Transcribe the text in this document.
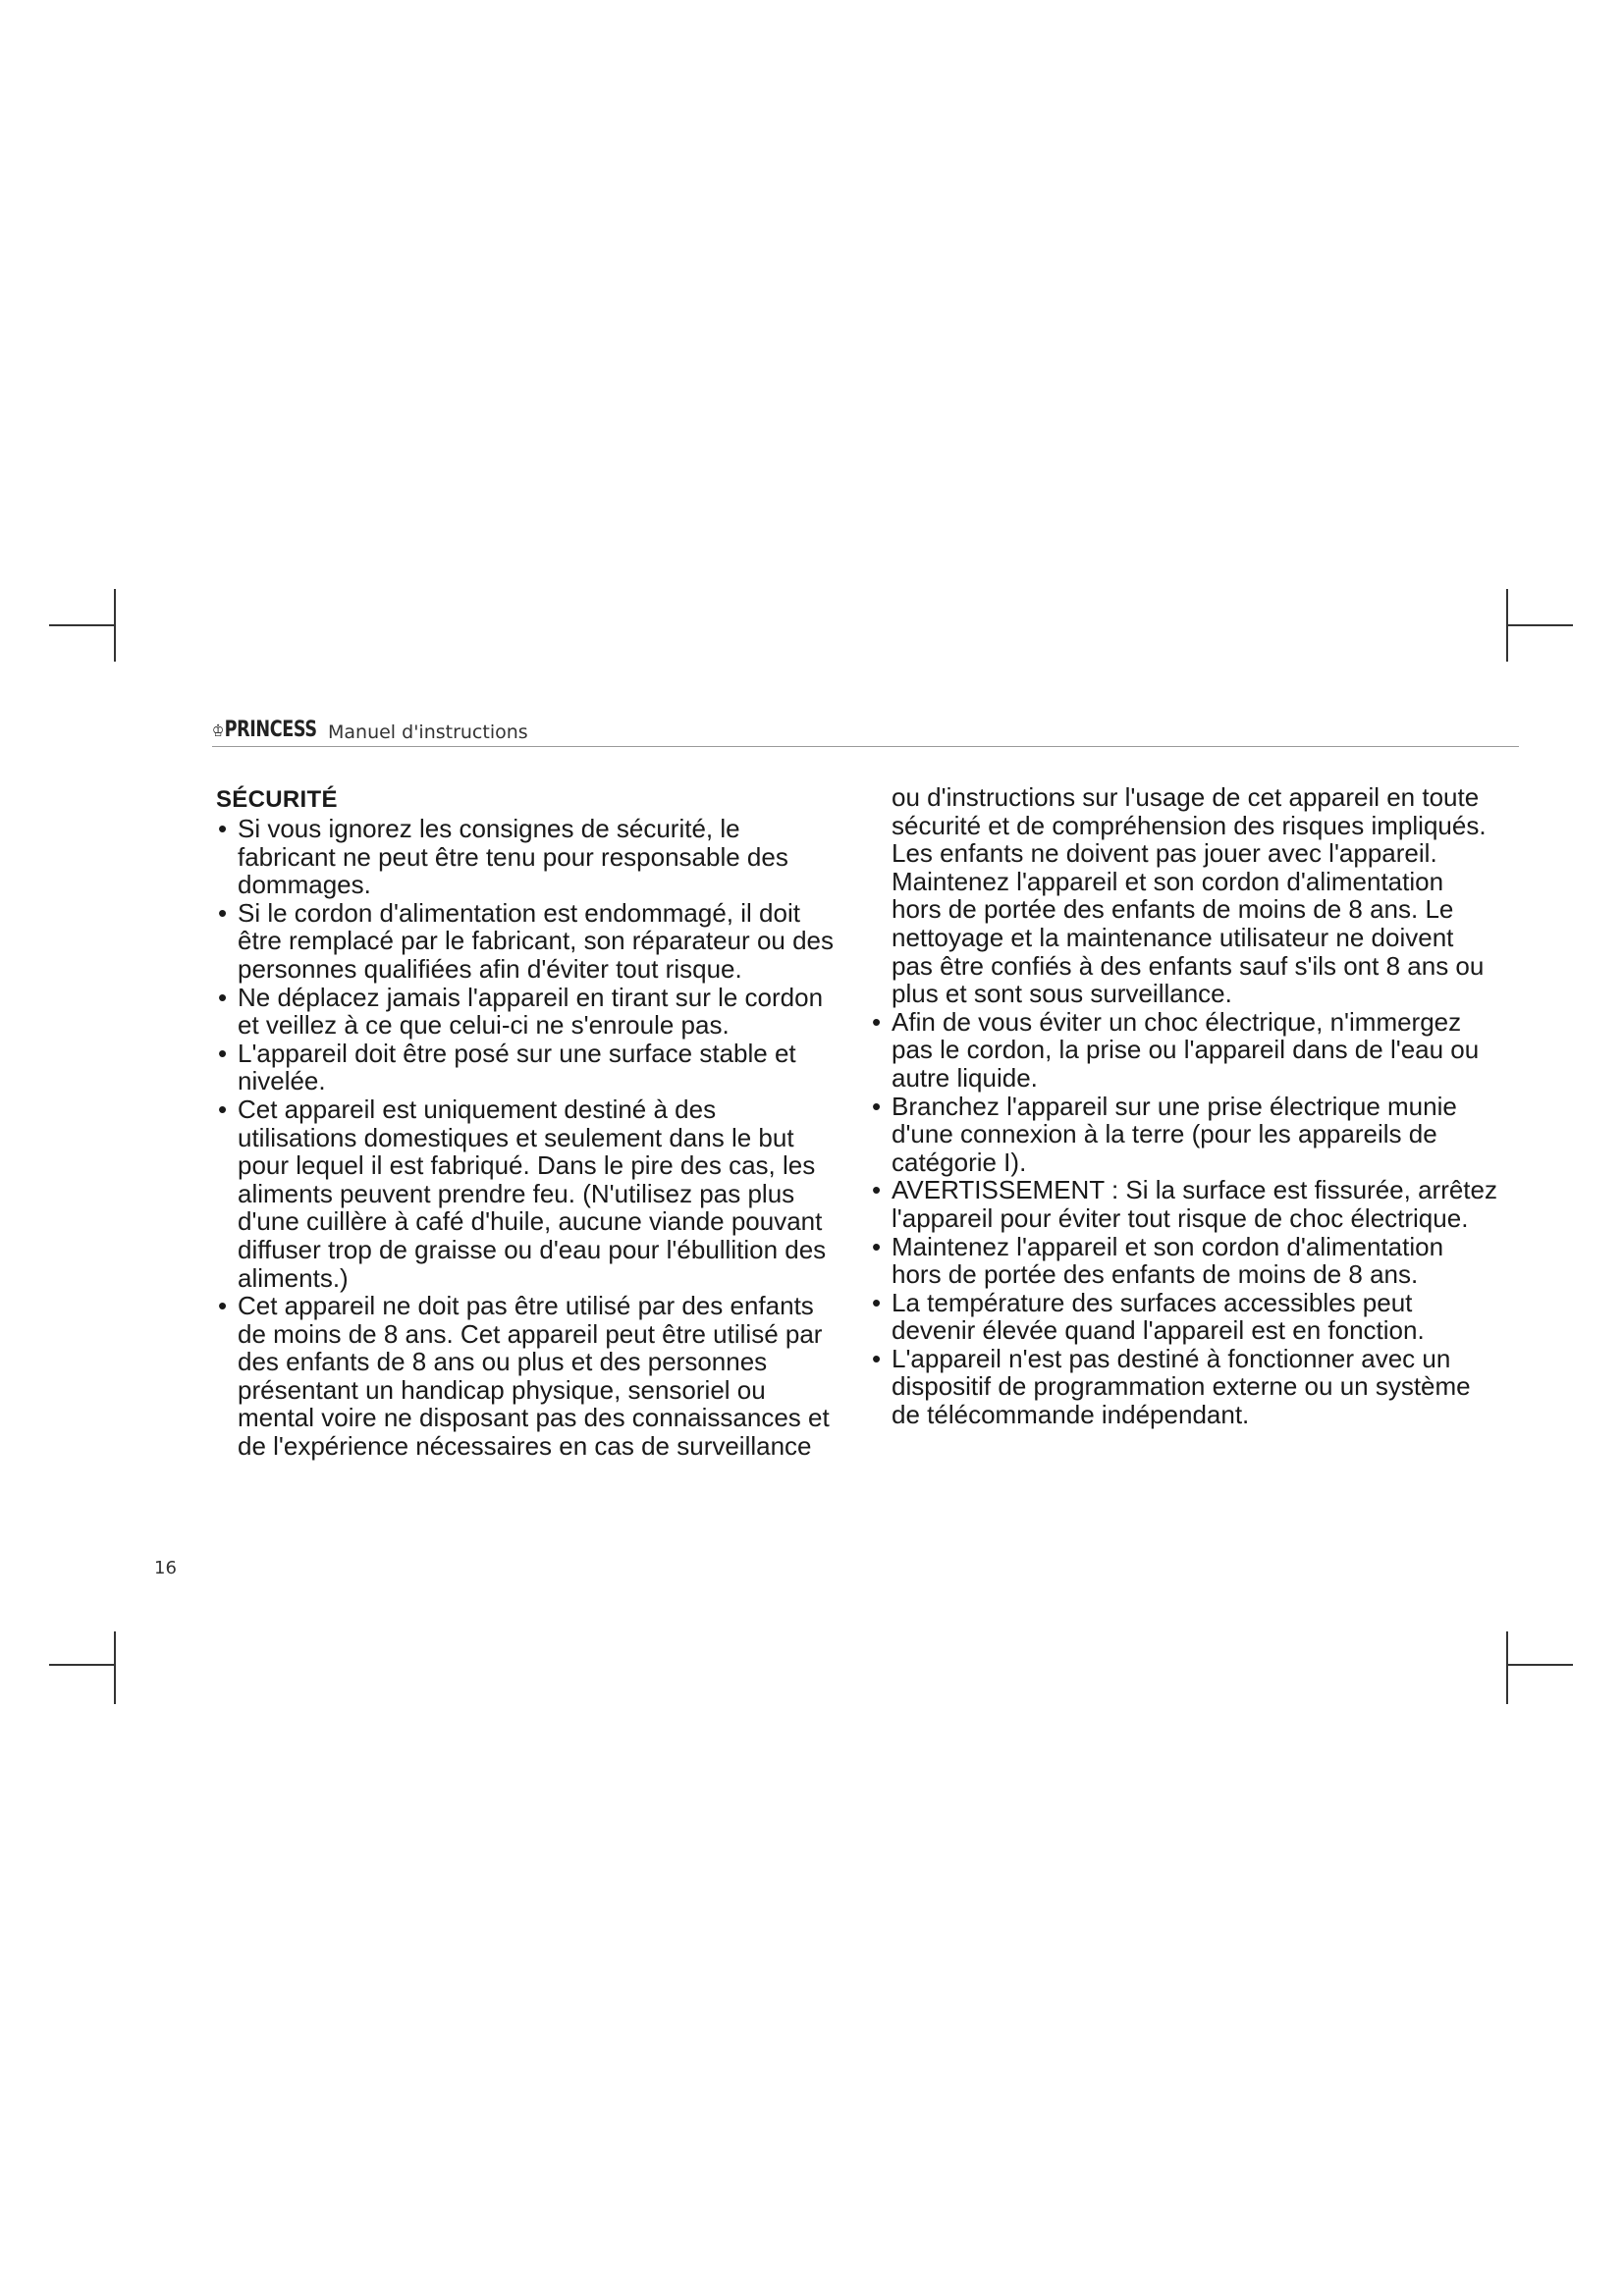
♔PRINCESS Manuel d'instructions
SÉCURITÉ
• Si vous ignorez les consignes de sécurité, le fabricant ne peut être tenu pour responsable des dommages.
• Si le cordon d'alimentation est endommagé, il doit être remplacé par le fabricant, son réparateur ou des personnes qualifiées afin d'éviter tout risque.
• Ne déplacez jamais l'appareil en tirant sur le cordon et veillez à ce que celui-ci ne s'enroule pas.
• L'appareil doit être posé sur une surface stable et nivelée.
• Cet appareil est uniquement destiné à des utilisations domestiques et seulement dans le but pour lequel il est fabriqué. Dans le pire des cas, les aliments peuvent prendre feu. (N'utilisez pas plus d'une cuillère à café d'huile, aucune viande pouvant diffuser trop de graisse ou d'eau pour l'ébullition des aliments.)
• Cet appareil ne doit pas être utilisé par des enfants de moins de 8 ans. Cet appareil peut être utilisé par des enfants de 8 ans ou plus et des personnes présentant un handicap physique, sensoriel ou mental voire ne disposant pas des connaissances et de l'expérience nécessaires en cas de surveillance
ou d'instructions sur l'usage de cet appareil en toute sécurité et de compréhension des risques impliqués. Les enfants ne doivent pas jouer avec l'appareil. Maintenez l'appareil et son cordon d'alimentation hors de portée des enfants de moins de 8 ans. Le nettoyage et la maintenance utilisateur ne doivent pas être confiés à des enfants sauf s'ils ont 8 ans ou plus et sont sous surveillance.
• Afin de vous éviter un choc électrique, n'immergez pas le cordon, la prise ou l'appareil dans de l'eau ou autre liquide.
• Branchez l'appareil sur une prise électrique munie d'une connexion à la terre (pour les appareils de catégorie I).
• AVERTISSEMENT : Si la surface est fissurée, arrêtez l'appareil pour éviter tout risque de choc électrique.
• Maintenez l'appareil et son cordon d'alimentation hors de portée des enfants de moins de 8 ans.
• La température des surfaces accessibles peut devenir élevée quand l'appareil est en fonction.
• L'appareil n'est pas destiné à fonctionner avec un dispositif de programmation externe ou un système de télécommande indépendant.
16
